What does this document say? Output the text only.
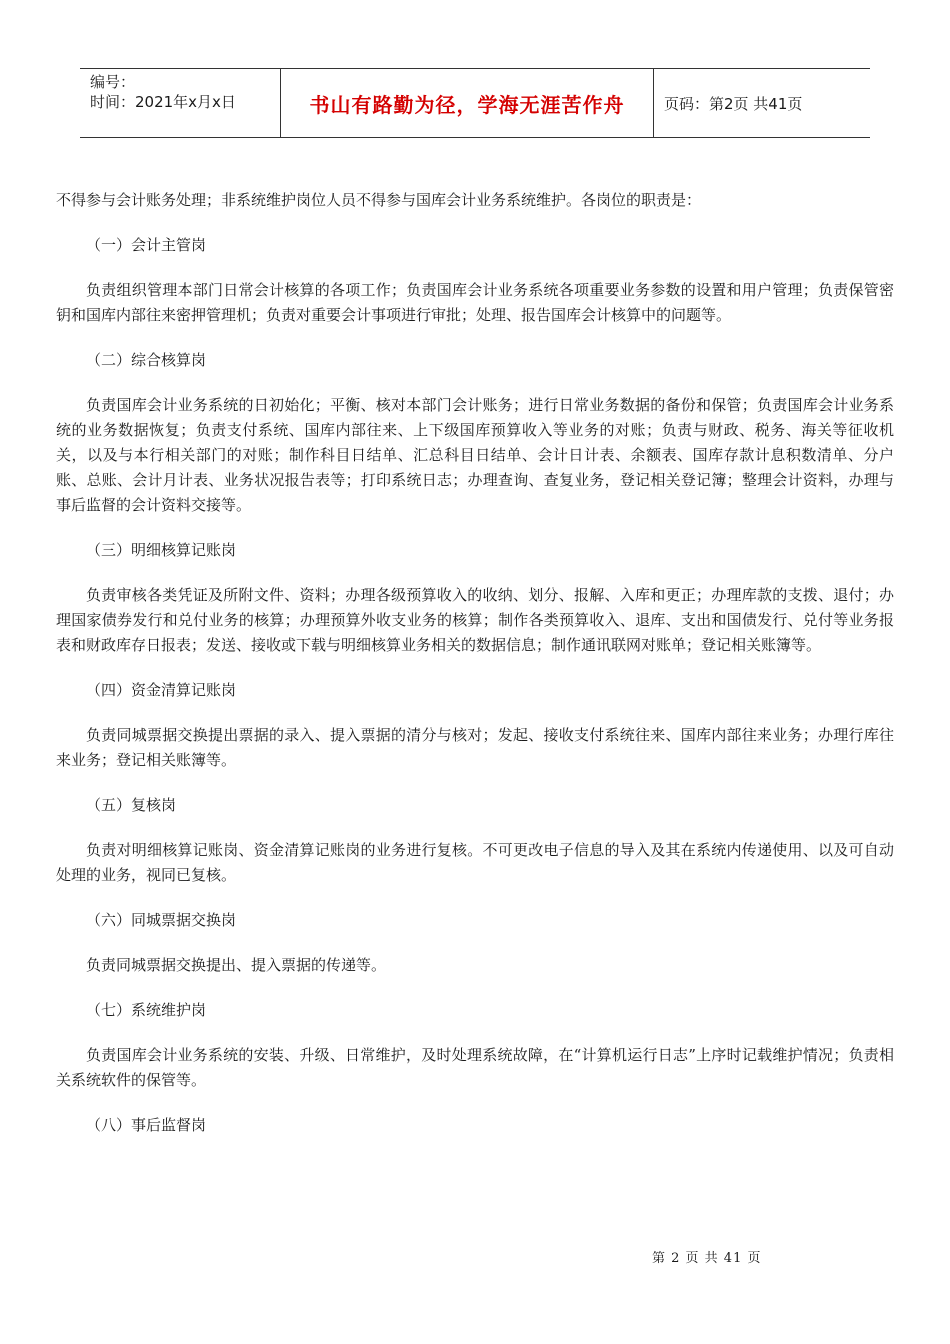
编号：
时间：2021年x月x日	书山有路勤为径，学海无涯苦作舟	页码：第2页 共41页

不得参与会计账务处理；非系统维护岗位人员不得参与国库会计业务系统维护。各岗位的职责是：

（一）会计主管岗

负责组织管理本部门日常会计核算的各项工作；负责国库会计业务系统各项重要业务参数的设置和用户管理；负责保管密钥和国库内部往来密押管理机；负责对重要会计事项进行审批；处理、报告国库会计核算中的问题等。

（二）综合核算岗

负责国库会计业务系统的日初始化；平衡、核对本部门会计账务；进行日常业务数据的备份和保管；负责国库会计业务系统的业务数据恢复；负责支付系统、国库内部往来、上下级国库预算收入等业务的对账；负责与财政、税务、海关等征收机关，以及与本行相关部门的对账；制作科目日结单、汇总科目日结单、会计日计表、余额表、国库存款计息积数清单、分户账、总账、会计月计表、业务状况报告表等；打印系统日志；办理查询、查复业务，登记相关登记簿；整理会计资料，办理与事后监督的会计资料交接等。

（三）明细核算记账岗

负责审核各类凭证及所附文件、资料；办理各级预算收入的收纳、划分、报解、入库和更正；办理库款的支拨、退付；办理国家债券发行和兑付业务的核算；办理预算外收支业务的核算；制作各类预算收入、退库、支出和国债发行、兑付等业务报表和财政库存日报表；发送、接收或下载与明细核算业务相关的数据信息；制作通讯联网对账单；登记相关账簿等。

（四）资金清算记账岗

负责同城票据交换提出票据的录入、提入票据的清分与核对；发起、接收支付系统往来、国库内部往来业务；办理行库往来业务；登记相关账簿等。

（五）复核岗

负责对明细核算记账岗、资金清算记账岗的业务进行复核。不可更改电子信息的导入及其在系统内传递使用、以及可自动处理的业务，视同已复核。

（六）同城票据交换岗

负责同城票据交换提出、提入票据的传递等。

（七）系统维护岗

负责国库会计业务系统的安装、升级、日常维护，及时处理系统故障，在“计算机运行日志”上序时记载维护情况；负责相关系统软件的保管等。

（八）事后监督岗

第 2 页 共 41 页
